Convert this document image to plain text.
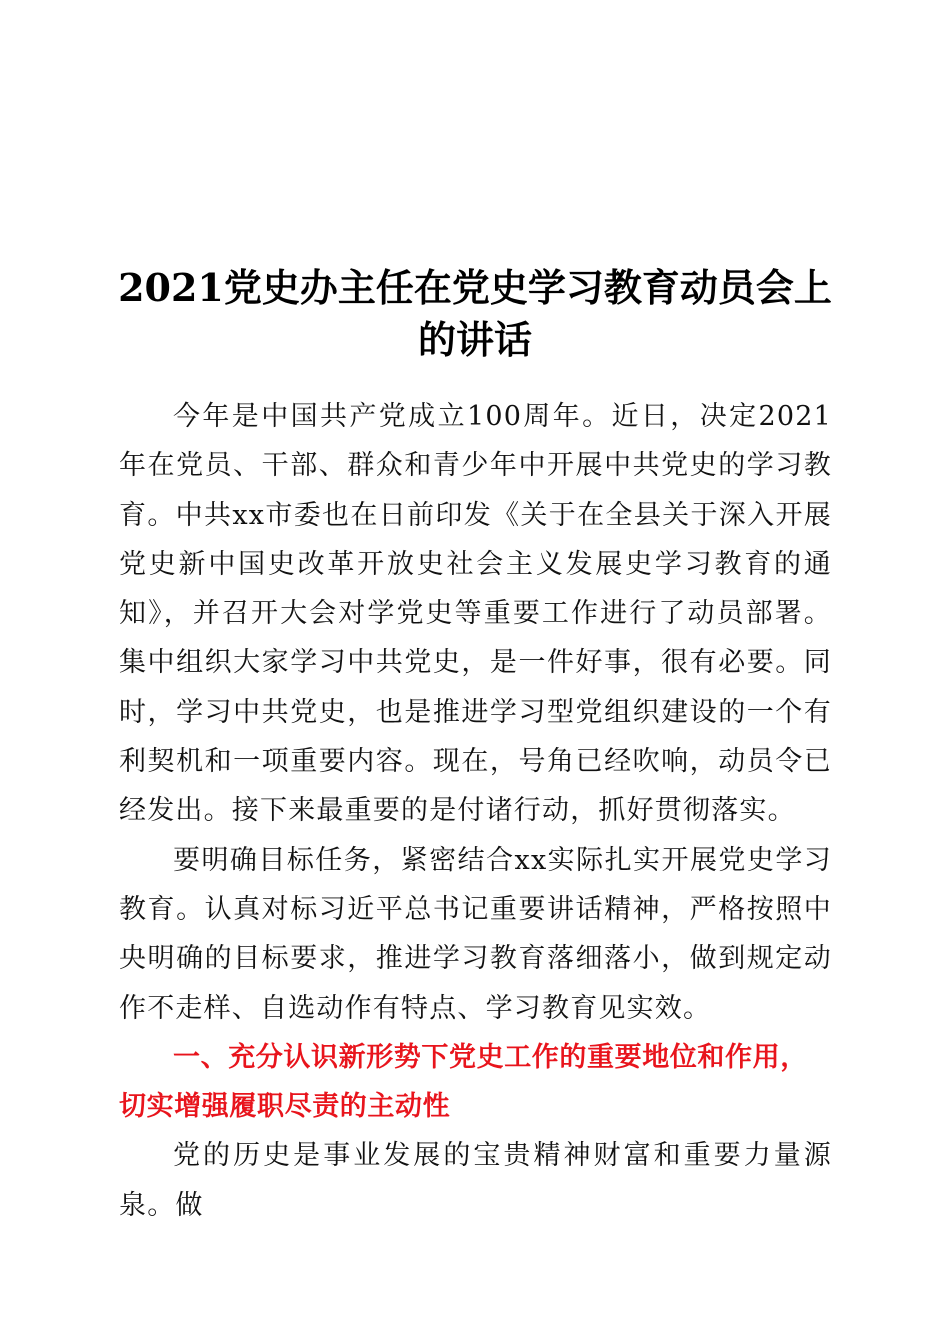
2021党史办主任在党史学习教育动员会上的讲话

今年是中国共产党成立100周年。近日，决定2021年在党员、干部、群众和青少年中开展中共党史的学习教育。中共xx市委也在日前印发《关于在全县关于深入开展党史新中国史改革开放史社会主义发展史学习教育的通知》，并召开大会对学党史等重要工作进行了动员部署。集中组织大家学习中共党史，是一件好事，很有必要。同时，学习中共党史，也是推进学习型党组织建设的一个有利契机和一项重要内容。现在，号角已经吹响，动员令已经发出。接下来最重要的是付诸行动，抓好贯彻落实。

要明确目标任务，紧密结合xx实际扎实开展党史学习教育。认真对标习近平总书记重要讲话精神，严格按照中央明确的目标要求，推进学习教育落细落小，做到规定动作不走样、自选动作有特点、学习教育见实效。

一、充分认识新形势下党史工作的重要地位和作用，切实增强履职尽责的主动性

党的历史是事业发展的宝贵精神财富和重要力量源泉。做
